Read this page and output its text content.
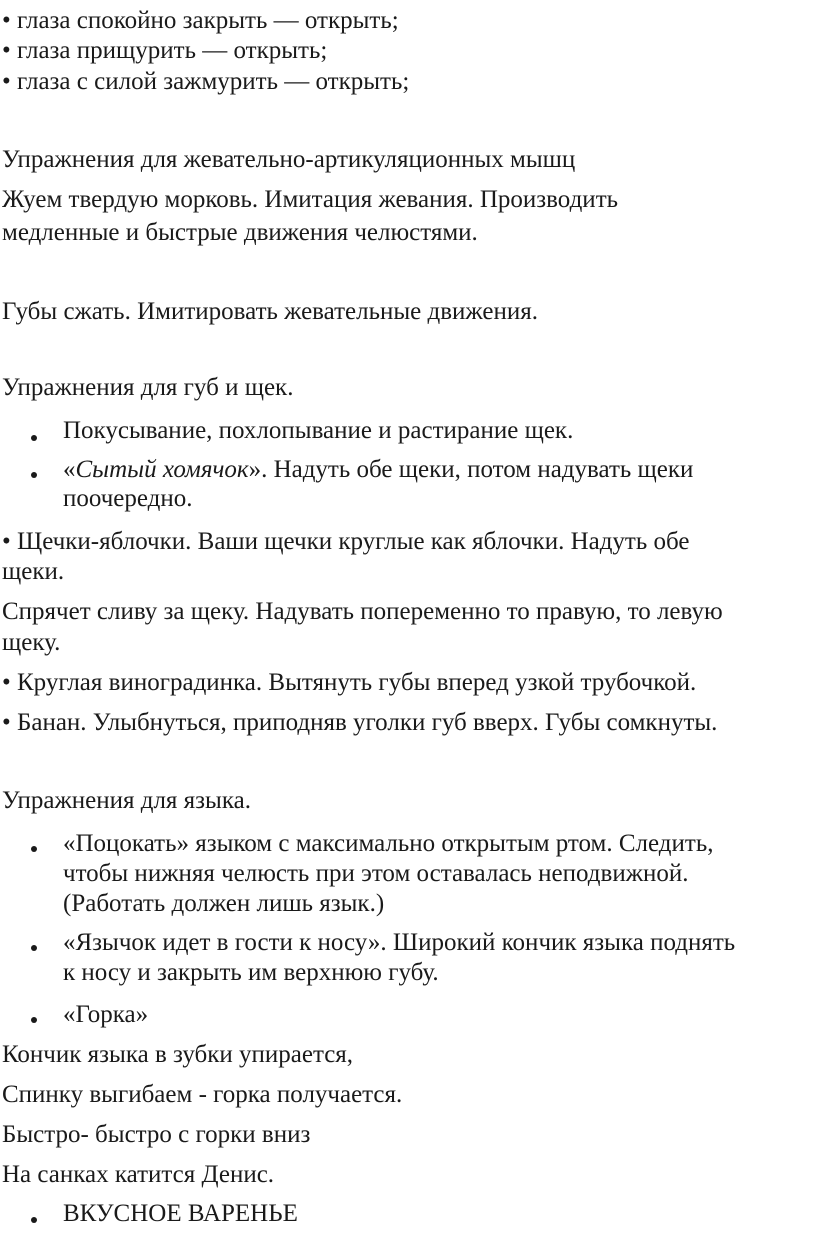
• глаза спокойно закрыть — открыть;
• глаза прищурить — открыть;
• глаза с силой зажмурить — открыть;
Упражнения для жевательно-артикуляционных мышц
Жуем твердую морковь. Имитация жевания. Производить
медленные и быстрые движения челюстями.
Губы сжать. Имитировать жевательные движения.
Упражнения для губ и щек.
Покусывание, похлопывание и растирание щек.
«Сытый хомячок». Надуть обе щеки, потом надувать щеки
поочередно.
• Щечки-яблочки. Ваши щечки круглые как яблочки. Надуть обе
щеки.
Спрячет сливу за щеку. Надувать попеременно то правую, то левую
щеку.
• Круглая виноградинка. Вытянуть губы вперед узкой трубочкой.
• Банан. Улыбнуться, приподняв уголки губ вверх. Губы сомкнуты.
Упражнения для языка.
«Поцокать» языком с максимально открытым ртом. Следить,
чтобы нижняя челюсть при этом оставалась неподвижной.
(Работать должен лишь язык.)
«Язычок идет в гости к носу». Широкий кончик языка поднять
к носу и закрыть им верхнюю губу.
«Горка»
Кончик языка в зубки упирается,
Спинку выгибаем - горка получается.
Быстро- быстро с горки вниз
На санках катится Денис.
ВКУСНОЕ ВАРЕНЬЕ
